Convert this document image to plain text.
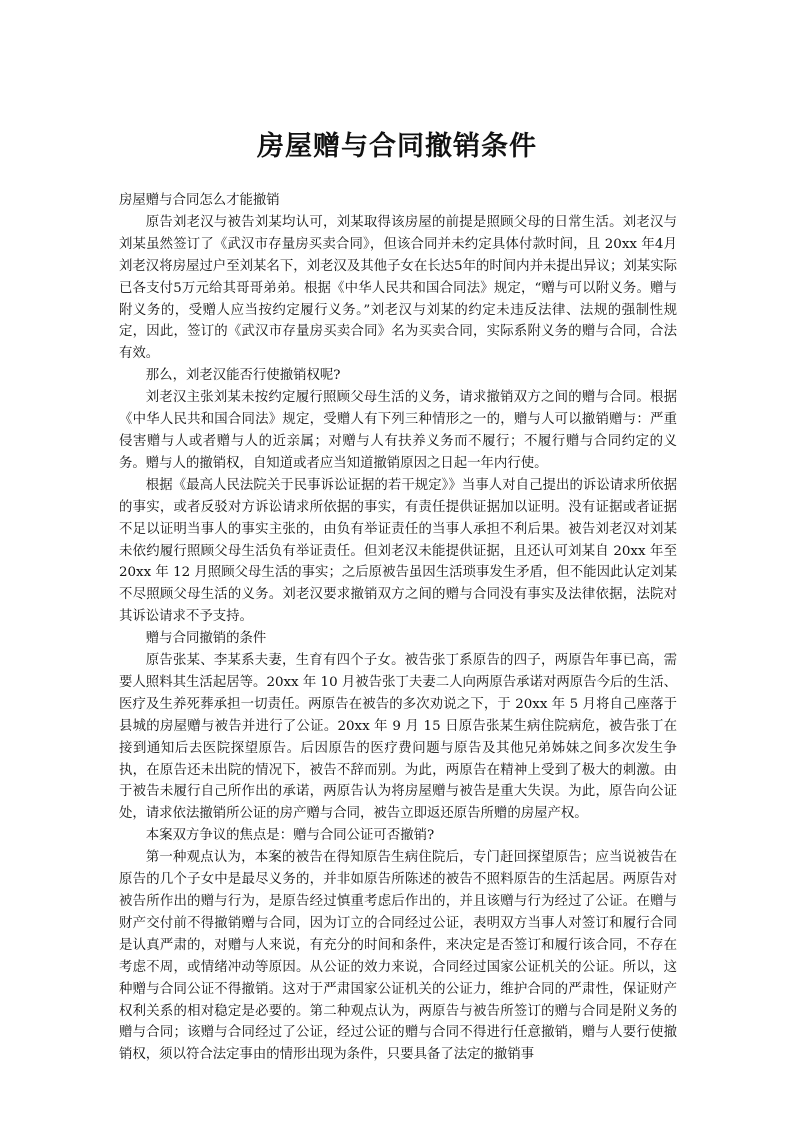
房屋赠与合同撤销条件

房屋赠与合同怎么才能撤销

原告刘老汉与被告刘某均认可，刘某取得该房屋的前提是照顾父母的日常生活。刘老汉与刘某虽然签订了《武汉市存量房买卖合同》，但该合同并未约定具体付款时间，且 20xx 年4月刘老汉将房屋过户至刘某名下，刘老汉及其他子女在长达5年的时间内并未提出异议；刘某实际已各支付5万元给其哥哥弟弟。根据《中华人民共和国合同法》规定，“赠与可以附义务。赠与附义务的，受赠人应当按约定履行义务。”刘老汉与刘某的约定未违反法律、法规的强制性规定，因此，签订的《武汉市存量房买卖合同》名为买卖合同，实际系附义务的赠与合同，合法有效。

那么，刘老汉能否行使撤销权呢?

刘老汉主张刘某未按约定履行照顾父母生活的义务，请求撤销双方之间的赠与合同。根据《中华人民共和国合同法》规定，受赠人有下列三种情形之一的，赠与人可以撤销赠与：严重侵害赠与人或者赠与人的近亲属；对赠与人有扶养义务而不履行；不履行赠与合同约定的义务。赠与人的撤销权，自知道或者应当知道撤销原因之日起一年内行使。

根据《最高人民法院关于民事诉讼证据的若干规定》》当事人对自己提出的诉讼请求所依据的事实，或者反驳对方诉讼请求所依据的事实，有责任提供证据加以证明。没有证据或者证据不足以证明当事人的事实主张的，由负有举证责任的当事人承担不利后果。被告刘老汉对刘某未依约履行照顾父母生活负有举证责任。但刘老汉未能提供证据，且还认可刘某自 20xx 年至 20xx 年 12 月照顾父母生活的事实；之后原被告虽因生活琐事发生矛盾，但不能因此认定刘某不尽照顾父母生活的义务。刘老汉要求撤销双方之间的赠与合同没有事实及法律依据，法院对其诉讼请求不予支持。

赠与合同撤销的条件

原告张某、李某系夫妻，生育有四个子女。被告张丁系原告的四子，两原告年事已高，需要人照料其生活起居等。20xx 年 10 月被告张丁夫妻二人向两原告承诺对两原告今后的生活、医疗及生养死葬承担一切责任。两原告在被告的多次劝说之下，于 20xx 年 5 月将自己座落于县城的房屋赠与被告并进行了公证。20xx 年 9 月 15 日原告张某生病住院病危，被告张丁在接到通知后去医院探望原告。后因原告的医疗费问题与原告及其他兄弟姊妹之间多次发生争执，在原告还未出院的情况下，被告不辞而别。为此，两原告在精神上受到了极大的刺激。由于被告未履行自己所作出的承诺，两原告认为将房屋赠与被告是重大失误。为此，原告向公证处，请求依法撤销所公证的房产赠与合同，被告立即返还原告所赠的房屋产权。

本案双方争议的焦点是：赠与合同公证可否撤销?

第一种观点认为，本案的被告在得知原告生病住院后，专门赶回探望原告；应当说被告在原告的几个子女中是最尽义务的，并非如原告所陈述的被告不照料原告的生活起居。两原告对被告所作出的赠与行为，是原告经过慎重考虑后作出的，并且该赠与行为经过了公证。在赠与财产交付前不得撤销赠与合同，因为订立的合同经过公证，表明双方当事人对签订和履行合同是认真严肃的，对赠与人来说，有充分的时间和条件，来决定是否签订和履行该合同，不存在考虑不周，或情绪冲动等原因。从公证的效力来说，合同经过国家公证机关的公证。所以，这种赠与合同公证不得撤销。这对于严肃国家公证机关的公证力，维护合同的严肃性，保证财产权利关系的相对稳定是必要的。第二种观点认为，两原告与被告所签订的赠与合同是附义务的赠与合同；该赠与合同经过了公证，经过公证的赠与合同不得进行任意撤销，赠与人要行使撤销权，须以符合法定事由的情形出现为条件，只要具备了法定的撤销事
